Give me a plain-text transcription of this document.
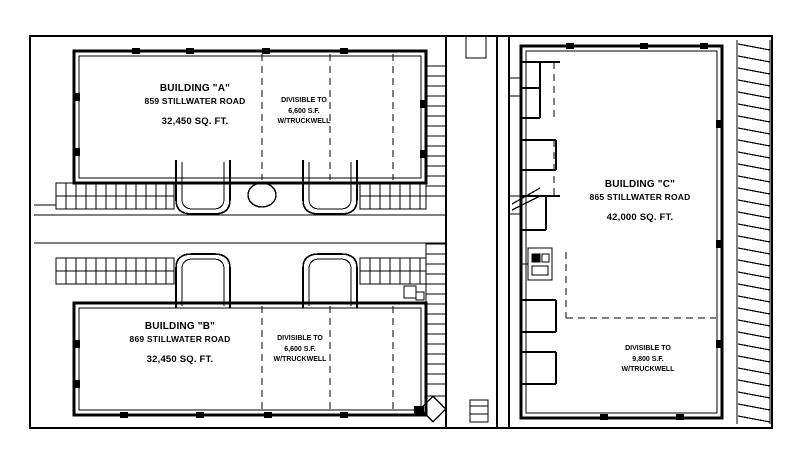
BUILDING "A"
859 STILLWATER ROAD
32,450 SQ. FT.
DIVISIBLE TO
6,600 S.F.
W/TRUCKWELL
BUILDING "B"
869 STILLWATER ROAD
32,450 SQ. FT.
DIVISIBLE TO
6,600 S.F.
W/TRUCKWELL
BUILDING "C"
865 STILLWATER ROAD
42,000 SQ. FT.
DIVISIBLE TO
9,800 S.F.
W/TRUCKWELL
